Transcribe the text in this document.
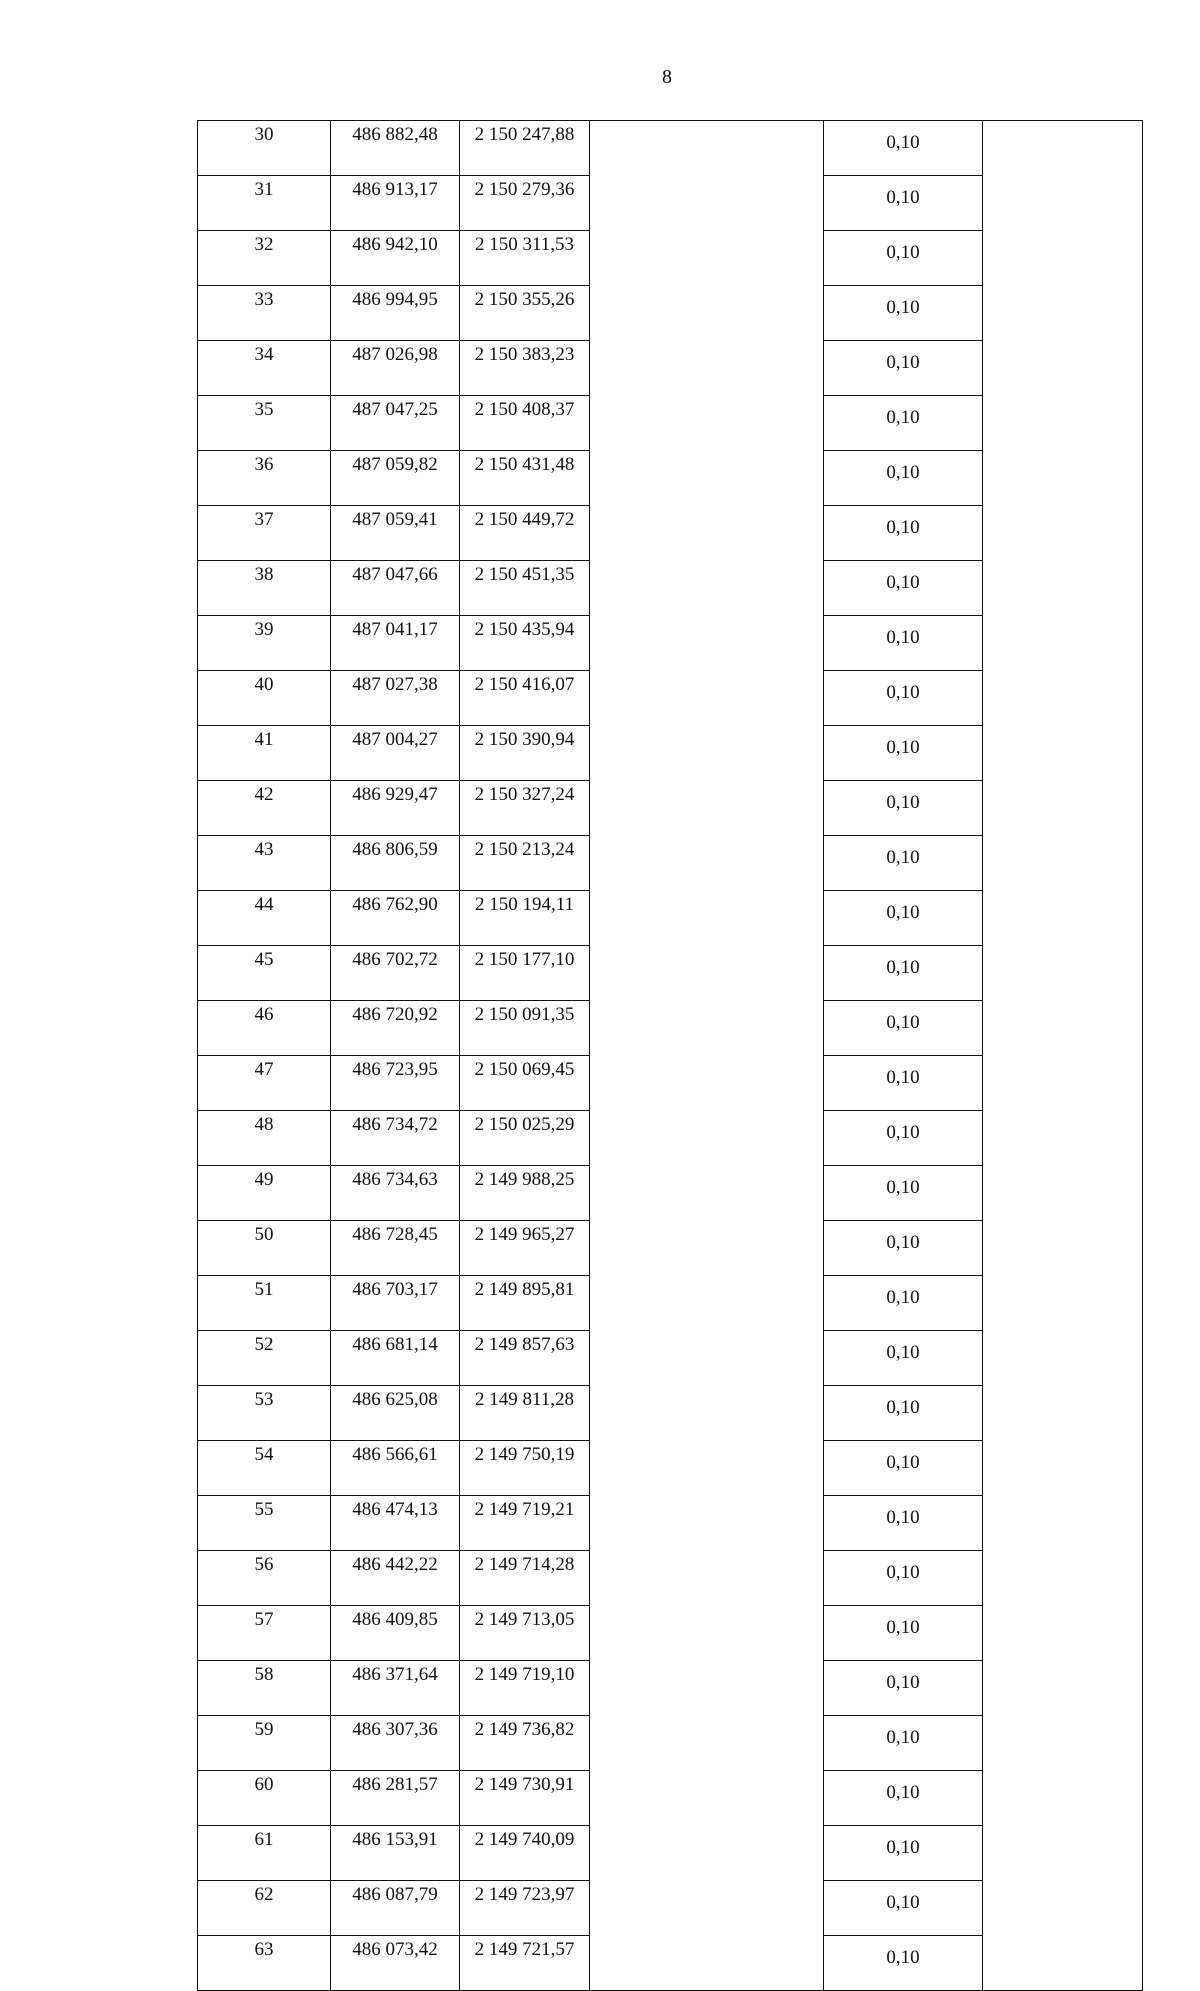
8
30	486 882,48	2 150 247,88		0,10	
31	486 913,17	2 150 279,36		0,10	
32	486 942,10	2 150 311,53		0,10	
33	486 994,95	2 150 355,26		0,10	
34	487 026,98	2 150 383,23		0,10	
35	487 047,25	2 150 408,37		0,10	
36	487 059,82	2 150 431,48		0,10	
37	487 059,41	2 150 449,72		0,10	
38	487 047,66	2 150 451,35		0,10	
39	487 041,17	2 150 435,94		0,10	
40	487 027,38	2 150 416,07		0,10	
41	487 004,27	2 150 390,94		0,10	
42	486 929,47	2 150 327,24		0,10	
43	486 806,59	2 150 213,24		0,10	
44	486 762,90	2 150 194,11		0,10	
45	486 702,72	2 150 177,10		0,10	
46	486 720,92	2 150 091,35		0,10	
47	486 723,95	2 150 069,45		0,10	
48	486 734,72	2 150 025,29		0,10	
49	486 734,63	2 149 988,25		0,10	
50	486 728,45	2 149 965,27		0,10	
51	486 703,17	2 149 895,81		0,10	
52	486 681,14	2 149 857,63		0,10	
53	486 625,08	2 149 811,28		0,10	
54	486 566,61	2 149 750,19		0,10	
55	486 474,13	2 149 719,21		0,10	
56	486 442,22	2 149 714,28		0,10	
57	486 409,85	2 149 713,05		0,10	
58	486 371,64	2 149 719,10		0,10	
59	486 307,36	2 149 736,82		0,10	
60	486 281,57	2 149 730,91		0,10	
61	486 153,91	2 149 740,09		0,10	
62	486 087,79	2 149 723,97		0,10	
63	486 073,42	2 149 721,57		0,10	
